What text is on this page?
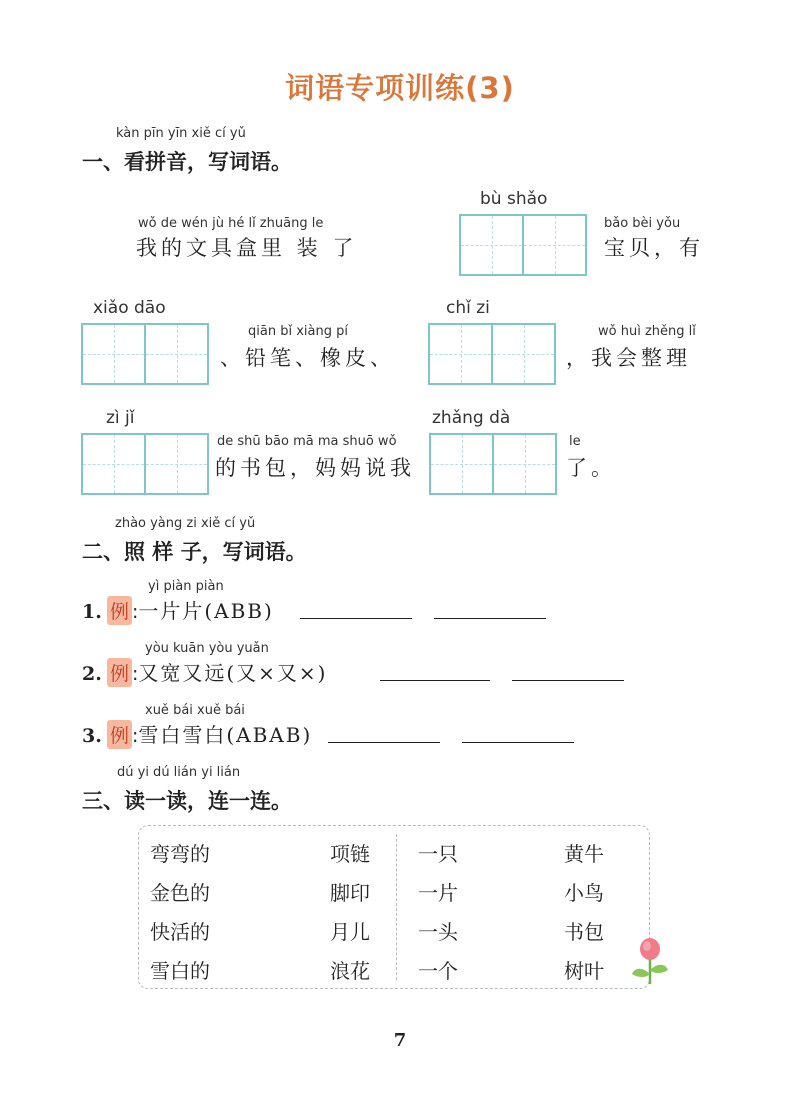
词语专项训练(3)
kàn pīn yīn xiě cí yǔ
一、看拼音，写词语。
wǒ de wén jù hé lǐ zhuāng le
我的文具盒里 装 了
bù shǎo
bǎo bèi yǒu
宝贝，有
xiǎo dāo
qiān bǐ xiàng pí
、铅笔、橡皮、
chǐ zi
wǒ huì zhěng lǐ
，我会整理
zì jǐ
de shū bāo mā ma shuō wǒ
的书包，妈妈说我
zhǎng dà
le
了。
zhào yàng zi xiě cí yǔ
二、照 样 子，写词语。
yì piàn piàn
1. 例 :一片片(ABB)
yòu kuān yòu yuǎn
2. 例 :又宽又远(又×又×)
xuě bái xuě bái
3. 例 :雪白雪白(ABAB)
dú yi dú lián yi lián
三、读一读，连一连。
弯弯的
金色的
快活的
雪白的
项链
脚印
月儿
浪花
一只
一片
一头
一个
黄牛
小鸟
书包
树叶
7
